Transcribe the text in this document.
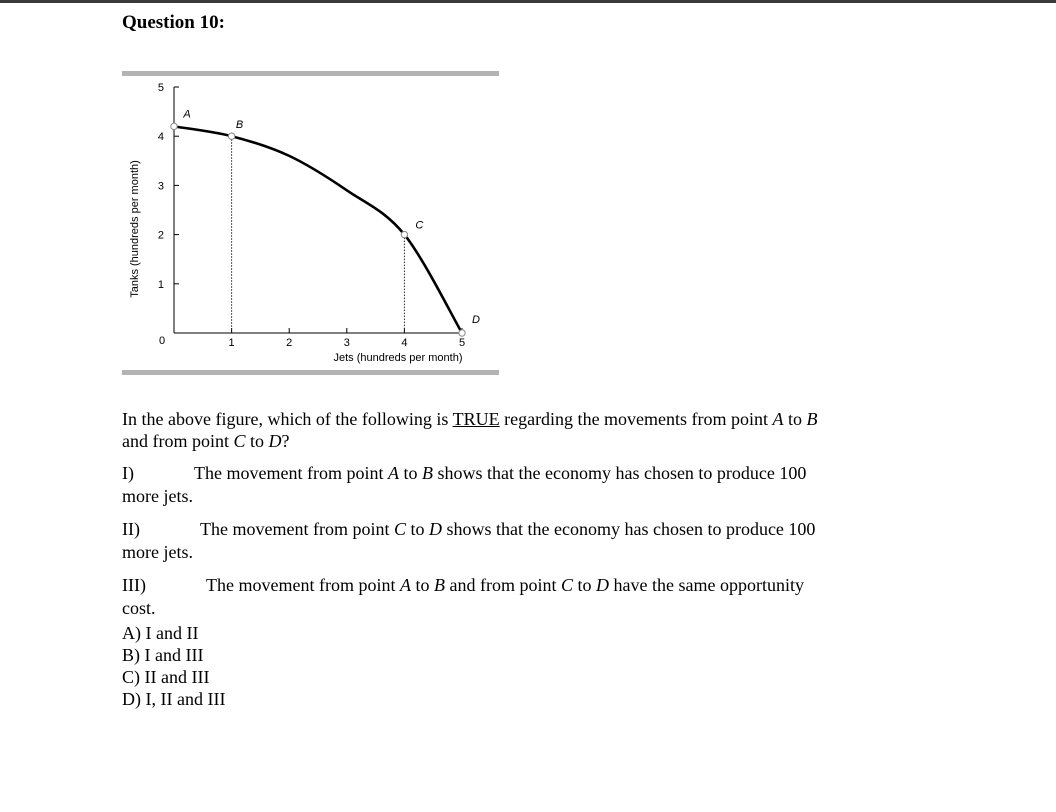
Question 10:
Tanks (hundreds per month)
Jets (hundreds per month)
0
1
2
3
4
5
1	2	3	4	5
A
B
C
D
In the above figure, which of the following is TRUE regarding the movements from point A to B
and from point C to D?
I)	The movement from point A to B shows that the economy has chosen to produce 100
more jets.
II)	The movement from point C to D shows that the economy has chosen to produce 100
more jets.
III)	The movement from point A to B and from point C to D have the same opportunity
cost.
A) I and II
B) I and III
C) II and III
D) I, II and III
